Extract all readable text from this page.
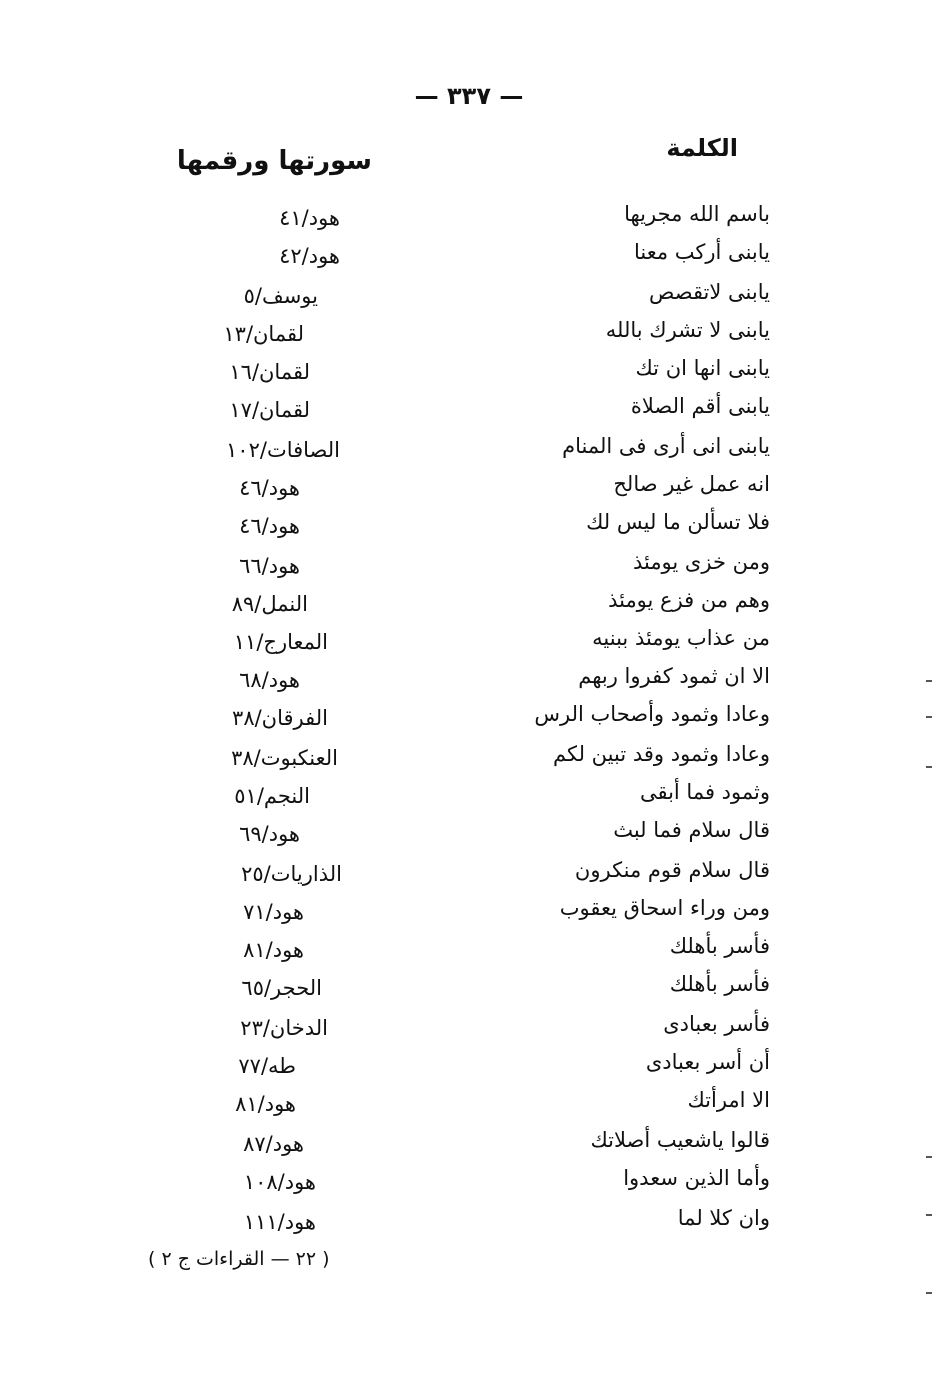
— ٣٣٧ —
الكلمة
سورتها ورقمها
باسم الله مجريها
هود/٤١
يابنى أركب معنا
هود/٤٢
يابنى لاتقصص
يوسف/٥
يابنى لا تشرك بالله
لقمان/١٣
يابنى انها ان تك
لقمان/١٦
يابنى أقم الصلاة
لقمان/١٧
يابنى انى أرى فى المنام
الصافات/١٠٢
انه عمل غير صالح
هود/٤٦
فلا تسألن ما ليس لك
هود/٤٦
ومن خزى يومئذ
هود/٦٦
وهم من فزع يومئذ
النمل/٨٩
من عذاب يومئذ ببنيه
المعارج/١١
الا ان ثمود كفروا ربهم
هود/٦٨
وعادا وثمود وأصحاب الرس
الفرقان/٣٨
وعادا وثمود وقد تبين لكم
العنكبوت/٣٨
وثمود فما أبقى
النجم/٥١
قال سلام فما لبث
هود/٦٩
قال سلام قوم منكرون
الذاريات/٢٥
ومن وراء اسحاق يعقوب
هود/٧١
فأسر بأهلك
هود/٨١
فأسر بأهلك
الحجر/٦٥
فأسر بعبادى
الدخان/٢٣
أن أسر بعبادى
طه/٧٧
الا امرأتك
هود/٨١
قالوا ياشعيب أصلاتك
هود/٨٧
وأما الذين سعدوا
هود/١٠٨
وان كلا لما
هود/١١١
( ٢٢ — القراءات ج ٢ )
